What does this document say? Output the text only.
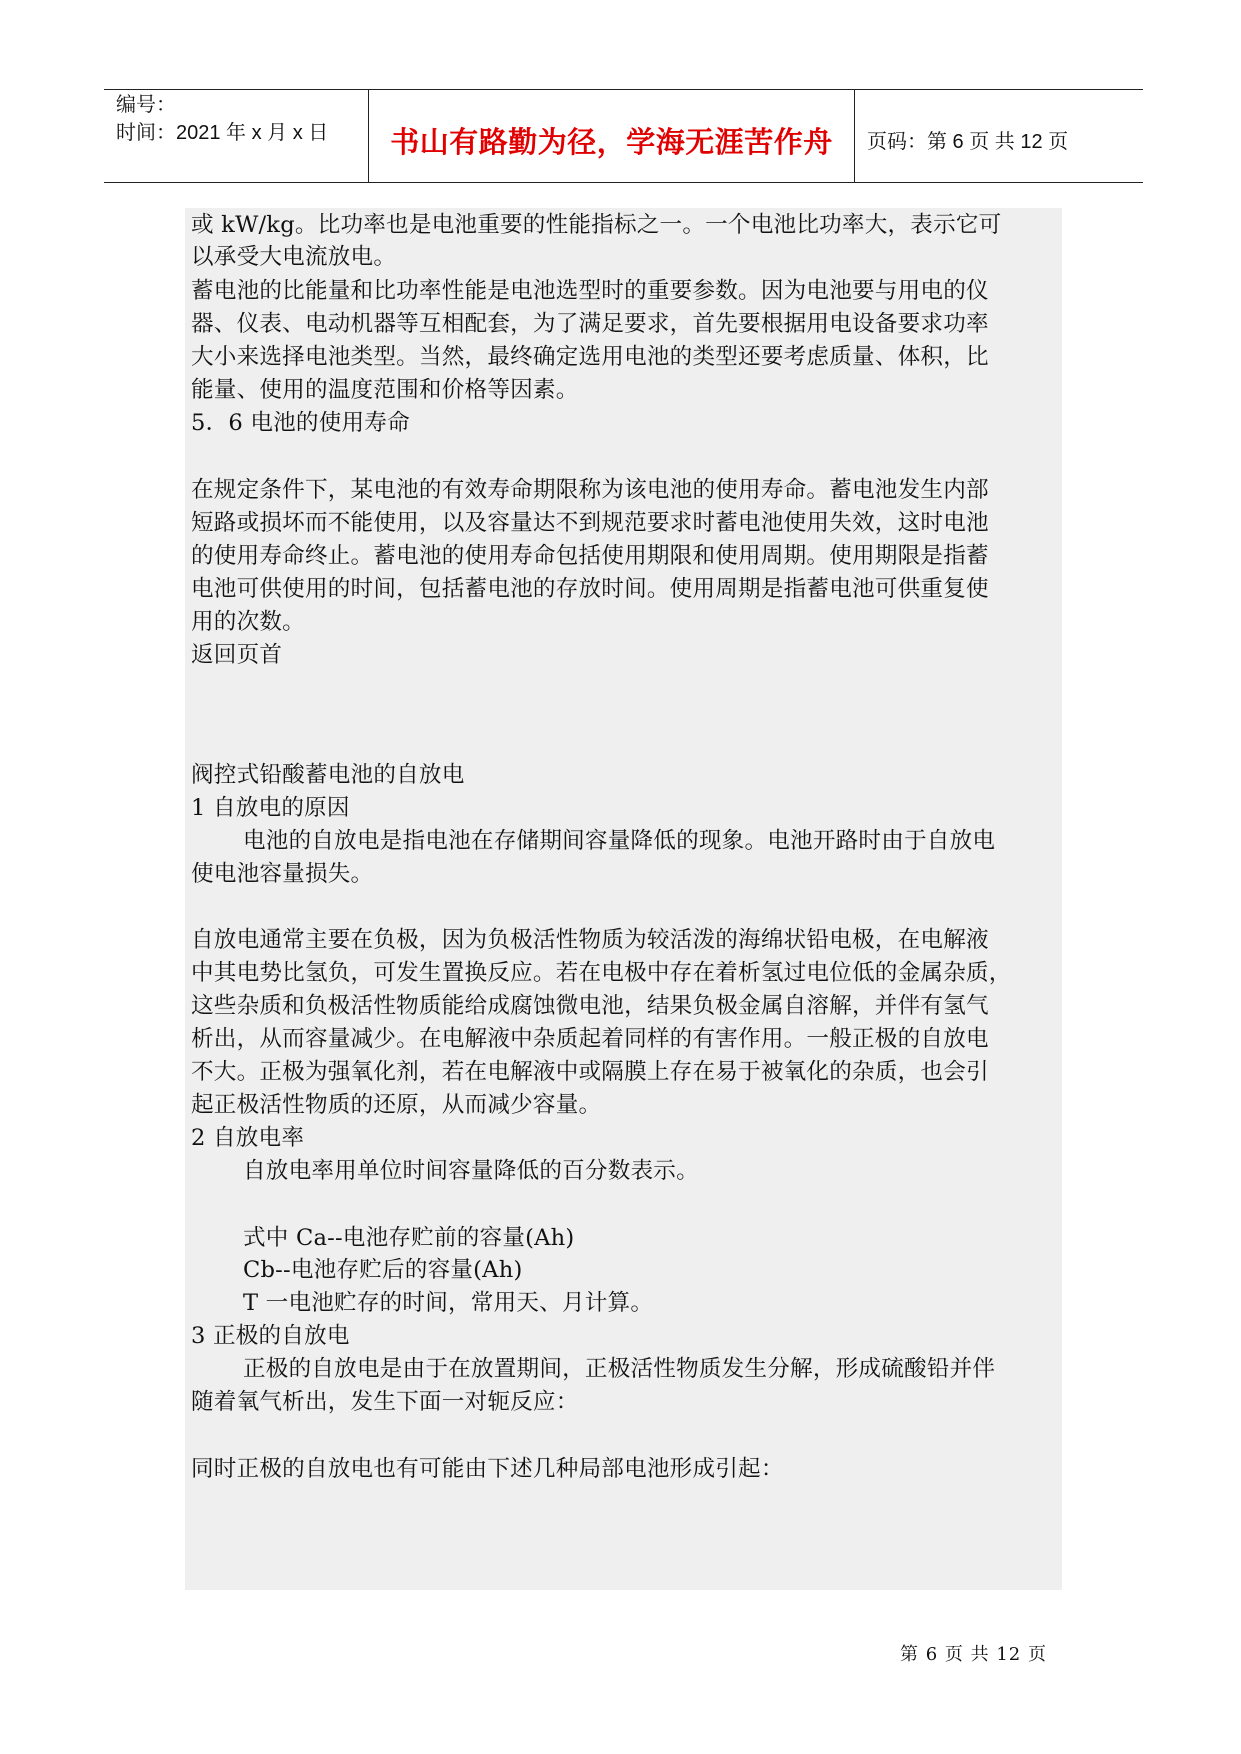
编号：
时间：2021 年 x 月 x 日	书山有路勤为径，学海无涯苦作舟	页码：第 6 页 共 12 页
或 kW/kg。比功率也是电池重要的性能指标之一。一个电池比功率大，表示它可
以承受大电流放电。
蓄电池的比能量和比功率性能是电池选型时的重要参数。因为电池要与用电的仪
器、仪表、电动机器等互相配套，为了满足要求，首先要根据用电设备要求功率
大小来选择电池类型。当然，最终确定选用电池的类型还要考虑质量、体积，比
能量、使用的温度范围和价格等因素。
5．6 电池的使用寿命
在规定条件下，某电池的有效寿命期限称为该电池的使用寿命。蓄电池发生内部
短路或损坏而不能使用，以及容量达不到规范要求时蓄电池使用失效，这时电池
的使用寿命终止。蓄电池的使用寿命包括使用期限和使用周期。使用期限是指蓄
电池可供使用的时间，包括蓄电池的存放时间。使用周期是指蓄电池可供重复使
用的次数。
返回页首
阀控式铅酸蓄电池的自放电
1 自放电的原因
电池的自放电是指电池在存储期间容量降低的现象。电池开路时由于自放电
使电池容量损失。
自放电通常主要在负极，因为负极活性物质为较活泼的海绵状铅电极，在电解液
中其电势比氢负，可发生置换反应。若在电极中存在着析氢过电位低的金属杂质，
这些杂质和负极活性物质能给成腐蚀微电池，结果负极金属自溶解，并伴有氢气
析出，从而容量减少。在电解液中杂质起着同样的有害作用。一般正极的自放电
不大。正极为强氧化剂，若在电解液中或隔膜上存在易于被氧化的杂质，也会引
起正极活性物质的还原，从而减少容量。
2 自放电率
自放电率用单位时间容量降低的百分数表示。
式中 Ca--电池存贮前的容量(Ah)
Cb--电池存贮后的容量(Ah)
T 一电池贮存的时间，常用天、月计算。
3 正极的自放电
正极的自放电是由于在放置期间，正极活性物质发生分解，形成硫酸铅并伴
随着氧气析出，发生下面一对轭反应：
同时正极的自放电也有可能由下述几种局部电池形成引起：
第 6 页 共 12 页
